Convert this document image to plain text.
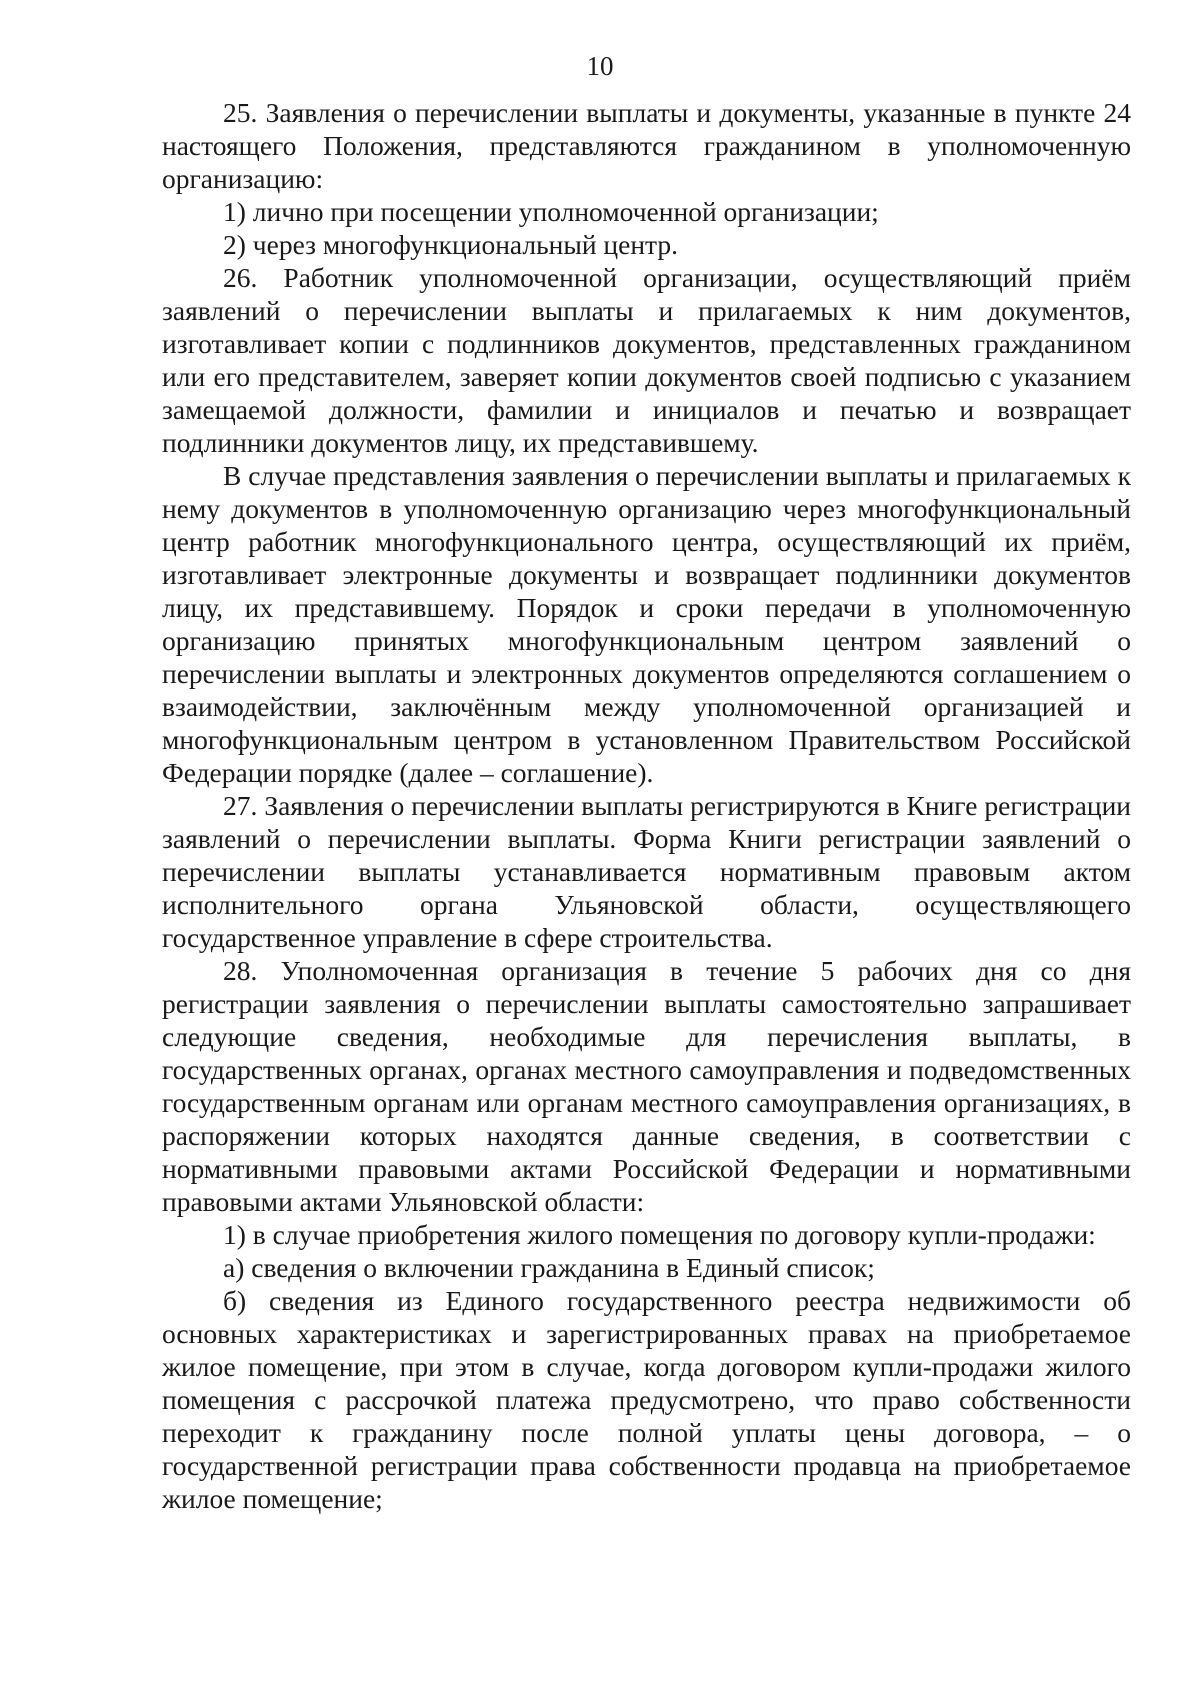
10

25. Заявления о перечислении выплаты и документы, указанные в пункте 24 настоящего Положения, представляются гражданином в уполномоченную организацию:

1) лично при посещении уполномоченной организации;

2) через многофункциональный центр.

26. Работник уполномоченной организации, осуществляющий приём заявлений о перечислении выплаты и прилагаемых к ним документов, изготавливает копии с подлинников документов, представленных гражданином или его представителем, заверяет копии документов своей подписью с указанием замещаемой должности, фамилии и инициалов и печатью и возвращает подлинники документов лицу, их представившему.

В случае представления заявления о перечислении выплаты и прилагаемых к нему документов в уполномоченную организацию через многофункциональный центр работник многофункционального центра, осуществляющий их приём, изготавливает электронные документы и возвращает подлинники документов лицу, их представившему. Порядок и сроки передачи в уполномоченную организацию принятых многофункциональным центром заявлений о перечислении выплаты и электронных документов определяются соглашением о взаимодействии, заключённым между уполномоченной организацией и многофункциональным центром в установленном Правительством Российской Федерации порядке (далее – соглашение).

27. Заявления о перечислении выплаты регистрируются в Книге регистрации заявлений о перечислении выплаты. Форма Книги регистрации заявлений о перечислении выплаты устанавливается нормативным правовым актом исполнительного органа Ульяновской области, осуществляющего государственное управление в сфере строительства.

28. Уполномоченная организация в течение 5 рабочих дня со дня регистрации заявления о перечислении выплаты самостоятельно запрашивает следующие сведения, необходимые для перечисления выплаты, в государственных органах, органах местного самоуправления и подведомственных государственным органам или органам местного самоуправления организациях, в распоряжении которых находятся данные сведения, в соответствии с нормативными правовыми актами Российской Федерации и нормативными правовыми актами Ульяновской области:

1) в случае приобретения жилого помещения по договору купли-продажи:

а) сведения о включении гражданина в Единый список;

б) сведения из Единого государственного реестра недвижимости об основных характеристиках и зарегистрированных правах на приобретаемое жилое помещение, при этом в случае, когда договором купли-продажи жилого помещения с рассрочкой платежа предусмотрено, что право собственности переходит к гражданину после полной уплаты цены договора, – о государственной регистрации права собственности продавца на приобретаемое жилое помещение;
